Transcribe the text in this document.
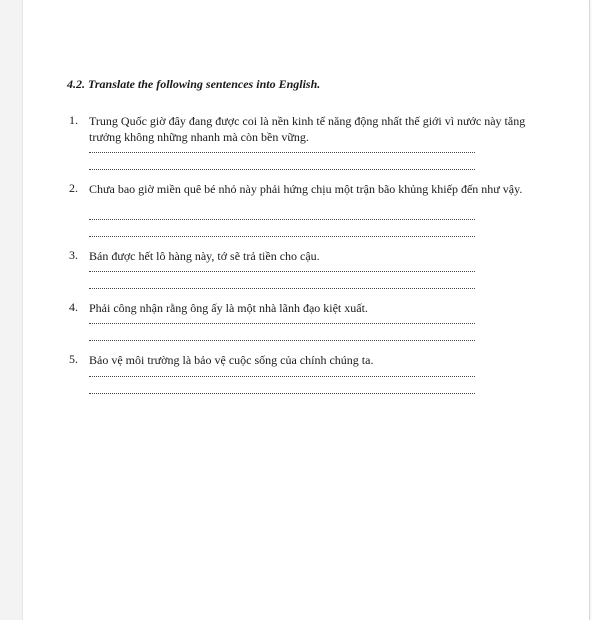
4.2. Translate the following sentences into English.
1. Trung Quốc giờ đây đang được coi là nền kinh tế năng động nhất thế giới vì nước này tăng trưởng không những nhanh mà còn bền vững.
2. Chưa bao giờ miền quê bé nhỏ này phải hứng chịu một trận bão khủng khiếp đến như vậy.
3. Bán được hết lô hàng này, tớ sẽ trả tiền cho cậu.
4. Phải công nhận rằng ông ấy là một nhà lãnh đạo kiệt xuất.
5. Bảo vệ môi trường là bảo vệ cuộc sống của chính chúng ta.
